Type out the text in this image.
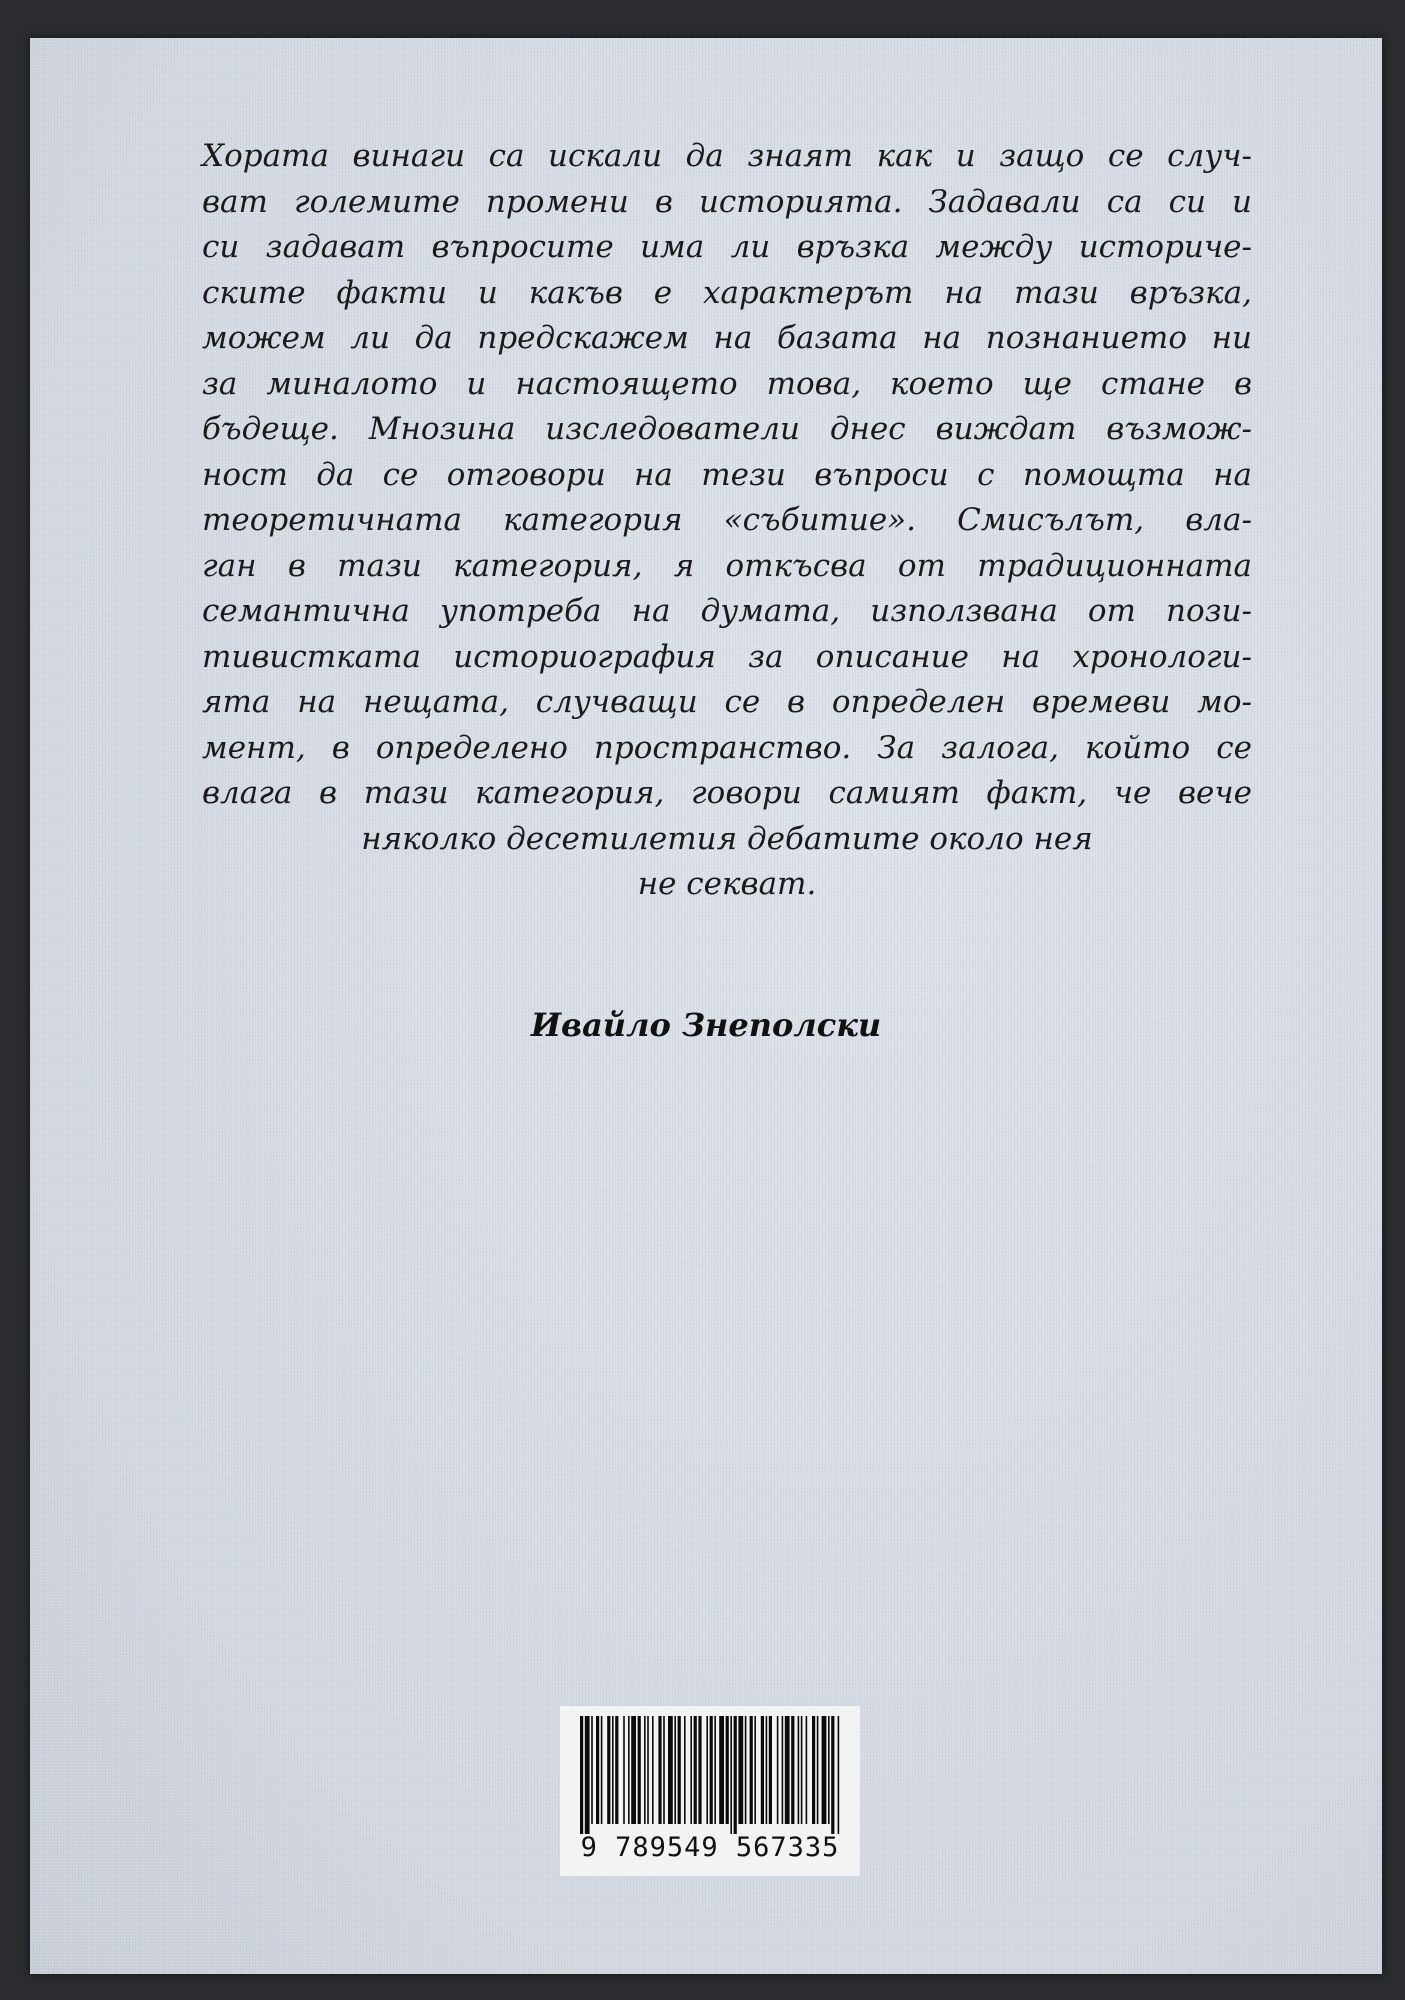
Хората винаги са искали да знаят как и защо се случ-
ват големите промени в историята. Задавали са си и
си задават въпросите има ли връзка между историче-
ските факти и какъв е характерът на тази връзка,
можем ли да предскажем на базата на познанието ни
за миналото и настоящето това, което ще стане в
бъдеще. Мнозина изследователи днес виждат възмож-
ност да се отговори на тези въпроси с помощта на
теоретичната категория «събитие». Смисълът, вла-
ган в тази категория, я откъсва от традиционната
семантична употреба на думата, използвана от пози-
тивистката историография за описание на хронологи-
ята на нещата, случващи се в определен времеви мо-
мент, в определено пространство. За залога, който се
влага в тази категория, говори самият факт, че вече
няколко десетилетия дебатите около нея
не секват.
Ивайло Знеполски
9 789549 567335
